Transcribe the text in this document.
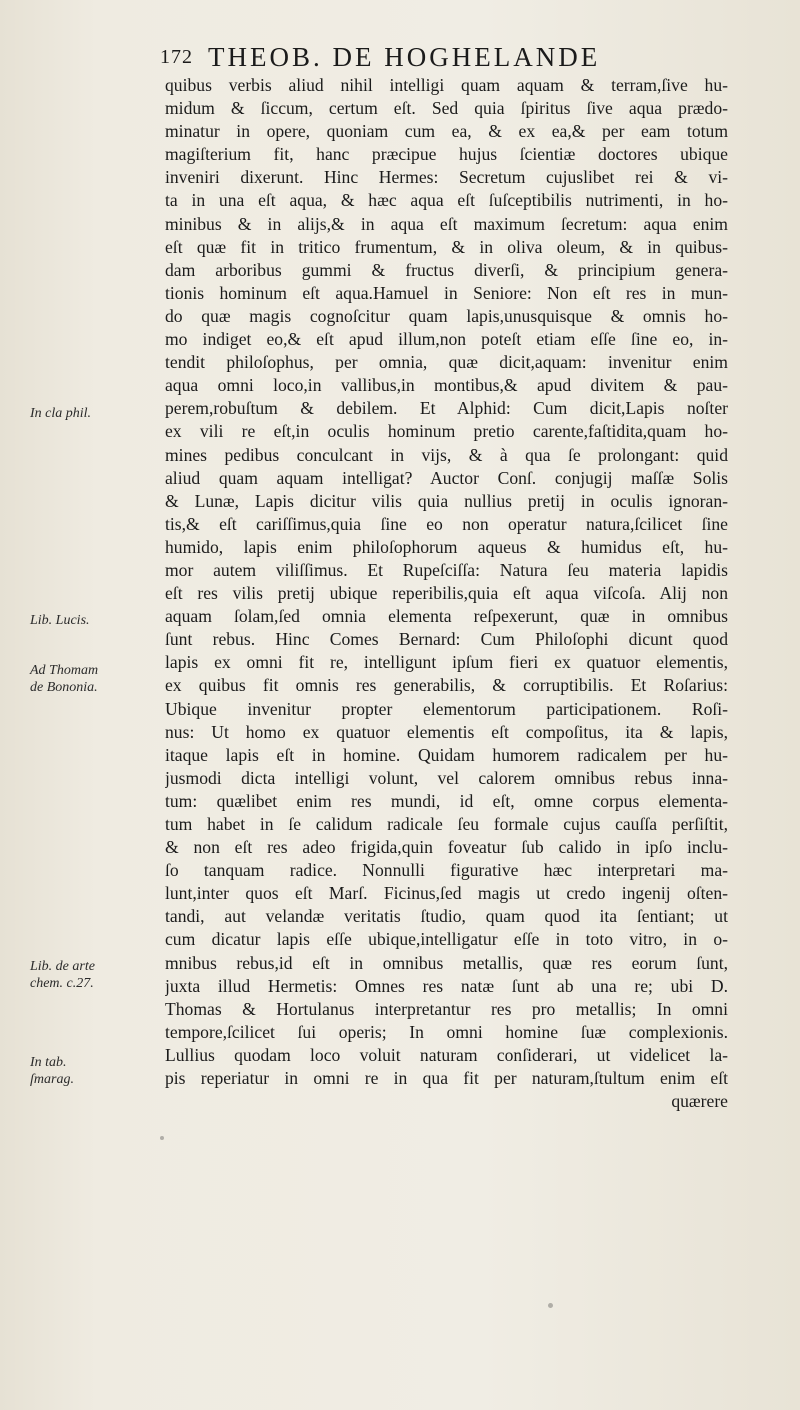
172 THEOB. DE HOGHELANDE
In cla phil.
Lib. Lucis.
Ad Thomam
de Bononia.
Lib. de arte
chem. c.27.
In tab.
ſmarag.
quibus verbis aliud nihil intelligi quam aquam & terram,ſive hu-
midum & ſiccum, certum eſt. Sed quia ſpiritus ſive aqua prædo-
minatur in opere, quoniam cum ea, & ex ea,& per eam totum
magiſterium fit, hanc præcipue hujus ſcientiæ doctores ubique
inveniri dixerunt. Hinc Hermes: Secretum cujuslibet rei & vi-
ta in una eſt aqua, & hæc aqua eſt ſuſceptibilis nutrimenti, in ho-
minibus & in alijs,& in aqua eſt maximum ſecretum: aqua enim
eſt quæ fit in tritico frumentum, & in oliva oleum, & in quibus-
dam arboribus gummi & fructus diverſi, & principium genera-
tionis hominum eſt aqua.Hamuel in Seniore: Non eſt res in mun-
do quæ magis cognoſcitur quam lapis,unusquisque & omnis ho-
mo indiget eo,& eſt apud illum,non poteſt etiam eſſe ſine eo, in-
tendit philoſophus, per omnia, quæ dicit,aquam: invenitur enim
aqua omni loco,in vallibus,in montibus,& apud divitem & pau-
perem,robuſtum & debilem. Et Alphid: Cum dicit,Lapis noſter
ex vili re eſt,in oculis hominum pretio carente,faſtidita,quam ho-
mines pedibus conculcant in vijs, & à qua ſe prolongant: quid
aliud quam aquam intelligat? Auctor Conſ. conjugij maſſæ Solis
& Lunæ, Lapis dicitur vilis quia nullius pretij in oculis ignoran-
tis,& eſt cariſſimus,quia ſine eo non operatur natura,ſcilicet ſine
humido, lapis enim philoſophorum aqueus & humidus eſt, hu-
mor autem viliſſimus. Et Rupeſciſſa: Natura ſeu materia lapidis
eſt res vilis pretij ubique reperibilis,quia eſt aqua viſcoſa. Alij non
aquam ſolam,ſed omnia elementa reſpexerunt, quæ in omnibus
ſunt rebus. Hinc Comes Bernard: Cum Philoſophi dicunt quod
lapis ex omni fit re, intelligunt ipſum fieri ex quatuor elementis,
ex quibus fit omnis res generabilis, & corruptibilis. Et Roſarius:
Ubique invenitur propter elementorum participationem. Roſi-
nus: Ut homo ex quatuor elementis eſt compoſitus, ita & lapis,
itaque lapis eſt in homine. Quidam humorem radicalem per hu-
jusmodi dicta intelligi volunt, vel calorem omnibus rebus inna-
tum: quælibet enim res mundi, id eſt, omne corpus elementa-
tum habet in ſe calidum radicale ſeu formale cujus cauſſa perſiſtit,
& non eſt res adeo frigida,quin foveatur ſub calido in ipſo inclu-
ſo tanquam radice. Nonnulli figurative hæc interpretari ma-
lunt,inter quos eſt Marſ. Ficinus,ſed magis ut credo ingenij oſten-
tandi, aut velandæ veritatis ſtudio, quam quod ita ſentiant; ut
cum dicatur lapis eſſe ubique,intelligatur eſſe in toto vitro, in o-
mnibus rebus,id eſt in omnibus metallis, quæ res eorum ſunt,
juxta illud Hermetis: Omnes res natæ ſunt ab una re; ubi D.
Thomas & Hortulanus interpretantur res pro metallis; In omni
tempore,ſcilicet ſui operis; In omni homine ſuæ complexionis.
Lullius quodam loco voluit naturam conſiderari, ut videlicet la-
pis reperiatur in omni re in qua fit per naturam,ſtultum enim eſt
quærere
